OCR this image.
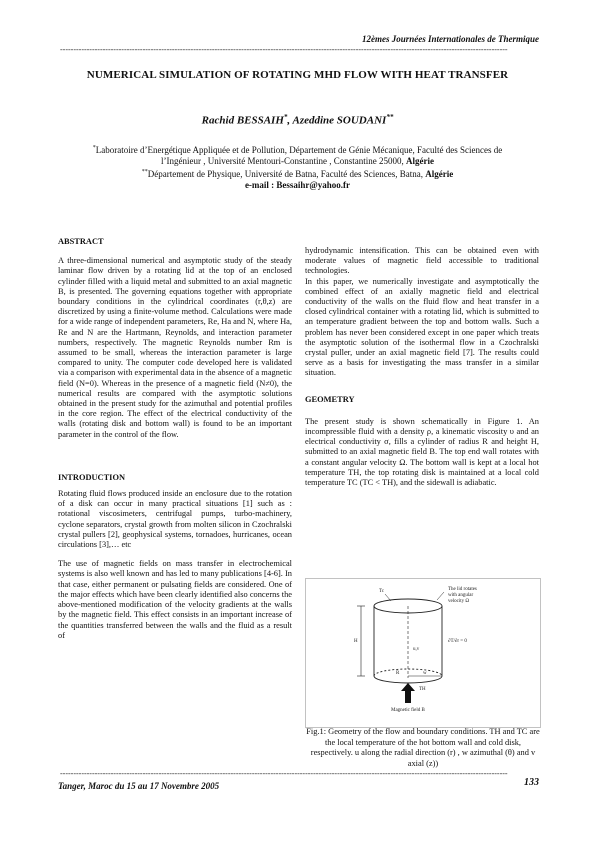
12èmes Journées Internationales de Thermique
------------------------------------------------------------------------------------------------------------------------------------------------------------------------
NUMERICAL SIMULATION OF ROTATING MHD FLOW WITH HEAT TRANSFER
Rachid BESSAIH*, Azeddine SOUDANI**
*Laboratoire d’Energétique Appliquée et de Pollution, Département de Génie Mécanique, Faculté des Sciences de l’Ingénieur , Université Mentouri-Constantine , Constantine 25000, Algérie
**Département de Physique, Université de Batna, Faculté des Sciences, Batna, Algérie
e-mail : Bessaihr@yahoo.fr

ABSTRACT

A three-dimensional numerical and asymptotic study of the steady laminar flow driven by a rotating lid at the top of an enclosed cylinder filled with a liquid metal and submitted to an axial magnetic B, is presented. The governing equations together with appropriate boundary conditions in the cylindrical coordinates (r,θ,z) are discretized by using a finite-volume method. Calculations were made for a wide range of independent parameters, Re, Ha and N, where Ha, Re and N are the Hartmann, Reynolds, and interaction parameter numbers, respectively. The magnetic Reynolds number Rm is assumed to be small, whereas the interaction parameter is large compared to unity. The computer code developed here is validated via a comparison with experimental data in the absence of a magnetic field (N=0). Whereas in the presence of a magnetic field (N≠0), the numerical results are compared with the asymptotic solutions obtained in the present study for the azimuthal and potential profiles in the core region. The effect of the electrical conductivity of the walls (rotating disk and bottom wall) is found to be an important parameter in the control of the flow.

INTRODUCTION

Rotating fluid flows produced inside an enclosure due to the rotation of a disk can occur in many practical situations [1] such as : rotational viscosimeters, centrifugal pumps, turbo-machinery, cyclone separators, crystal growth from molten silicon in Czochralski crystal pullers [2], geophysical systems, tornadoes, hurricanes, ocean circulations [3],… etc

The use of magnetic fields on mass transfer in electrochemical systems is also well known and has led to many publications [4-6]. In that case, either permanent or pulsating fields are considered. One of the major effects which have been clearly identified also concerns the above-mentioned modification of the velocity gradients at the walls by the magnetic field. This effect consists in an important increase of the quantities transferred between the walls and the fluid as a result of

hydrodynamic intensification. This can be obtained even with moderate values of magnetic field accessible to traditional technologies.

In this paper, we numerically investigate and asymptotically the combined effect of an axially magnetic field and electrical conductivity of the walls on the fluid flow and heat transfer in a closed cylindrical container with a rotating lid, which is submitted to an temperature gradient between the top and bottom walls. Such a problem has never been considered except in one paper which treats the asymptotic solution of the isothermal flow in a Czochralski crystal puller, under an axial magnetic field [7]. The results could serve as a basis for investigating the mass transfer in a similar situation.

GEOMETRY

The present study is shown schematically in Figure 1. An incompressible fluid with a density ρ, a kinematic viscosity υ and an electrical conductivity σ, fills a cylinder of radius R and height H, submitted to an axial magnetic field B. The top end wall rotates with a constant angular velocity Ω. The bottom wall is kept at a local hot temperature TH, the top rotating disk is maintained at a local cold temperature TC (TC < TH), and the sidewall is adiabatic.

Tc	The lid rotates
with angular
velocity Ω
H	∂T/∂r = 0
R
u,v
w
TH
Magnetic field B
Fig.1: Geometry of the flow and boundary conditions. TH and TC are the local temperature of the hot bottom wall and cold disk, respectively. u along the radial direction (r) , w azimuthal (θ) and v axial (z))
------------------------------------------------------------------------------------------------------------------------------------------------------------------------
Tanger, Maroc du 15 au 17 Novembre 2005	133
